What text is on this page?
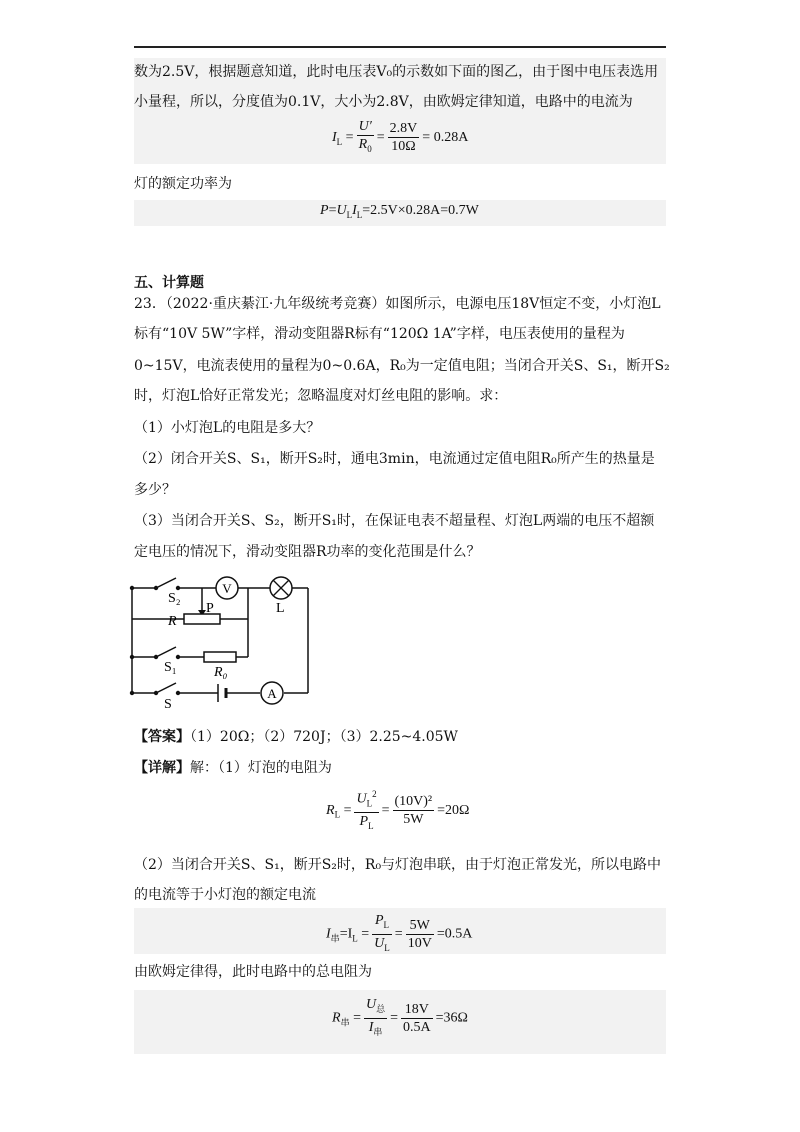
数为2.5V，根据题意知道，此时电压表V₀的示数如下面的图乙，由于图中电压表选用
小量程，所以，分度值为0.1V，大小为2.8V，由欧姆定律知道，电路中的电流为
$I_L = \frac{U'}{R_0} = \frac{2.8V}{10\Omega} = 0.28A$
灯的额定功率为
$P=U_LI_L=2.5V\times 0.28A=0.7W$
五、计算题
23．（2022·重庆綦江·九年级统考竞赛）如图所示，电源电压18V恒定不变，小灯泡L
标有“10V 5W”字样，滑动变阻器R标有“120Ω 1A”字样，电压表使用的量程为
0~15V，电流表使用的量程为0~0.6A，R₀为一定值电阻；当闭合开关S、S₁，断开S₂
时，灯泡L恰好正常发光；忽略温度对灯丝电阻的影响。求：
（1）小灯泡L的电阻是多大？
（2）闭合开关S、S₁，断开S₂时，通电3min，电流通过定值电阻R₀所产生的热量是
多少？
（3）当闭合开关S、S₂，断开S₁时，在保证电表不超量程、灯泡L两端的电压不超额
定电压的情况下，滑动变阻器R功率的变化范围是什么？
V
A
S₂
P	L
R
S₁	R₀
S
【答案】（1）20Ω；（2）720J；（3）2.25~4.05W
【详解】解：（1）灯泡的电阻为
$R_L = \frac{U_L^2}{P_L} = \frac{\text{(10V)²}}{5W} =20\Omega$
（2）当闭合开关S、S₁，断开S₂时，R₀与灯泡串联，由于灯泡正常发光，所以电路中
的电流等于小灯泡的额定电流
$I_串=I_L = \frac{P_L}{U_L} = \frac{5W}{10V} =0.5A$
由欧姆定律得，此时电路中的总电阻为
$R_串 = \frac{U_总}{I_串} = \frac{18V}{0.5A} =36\Omega$
